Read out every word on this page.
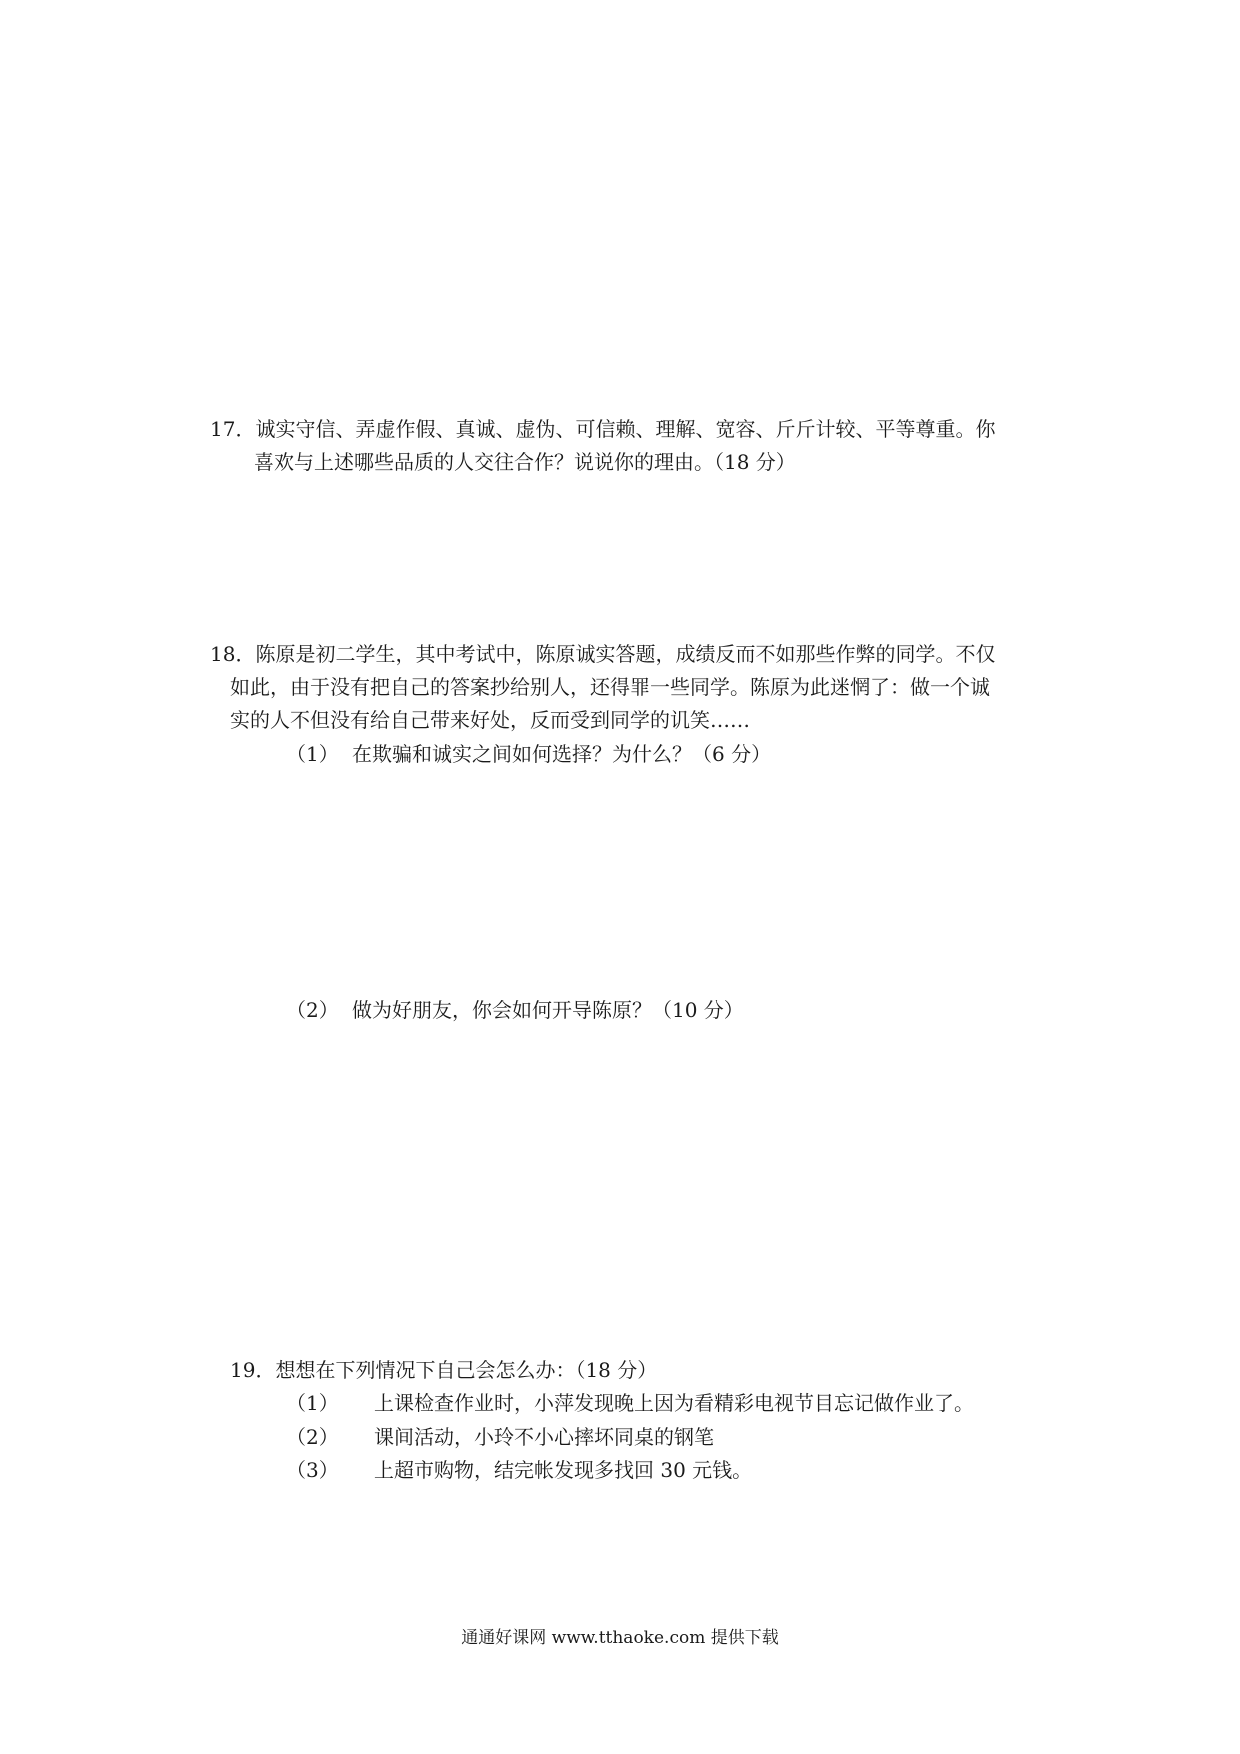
17．诚实守信、弄虚作假、真诚、虚伪、可信赖、理解、宽容、斤斤计较、平等尊重。你
喜欢与上述哪些品质的人交往合作？说说你的理由。（18 分）
18．陈原是初二学生，其中考试中，陈原诚实答题，成绩反而不如那些作弊的同学。不仅
如此，由于没有把自己的答案抄给别人，还得罪一些同学。陈原为此迷惘了：做一个诚
实的人不但没有给自己带来好处，反而受到同学的讥笑……
（1） 在欺骗和诚实之间如何选择？为什么？（6 分）
（2） 做为好朋友，你会如何开导陈原？（10 分）
19．想想在下列情况下自己会怎么办：（18 分）
（1） 上课检查作业时，小萍发现晚上因为看精彩电视节目忘记做作业了。
（2） 课间活动，小玲不小心摔坏同桌的钢笔
（3） 上超市购物，结完帐发现多找回 30 元钱。
通通好课网 www.tthaoke.com 提供下载
